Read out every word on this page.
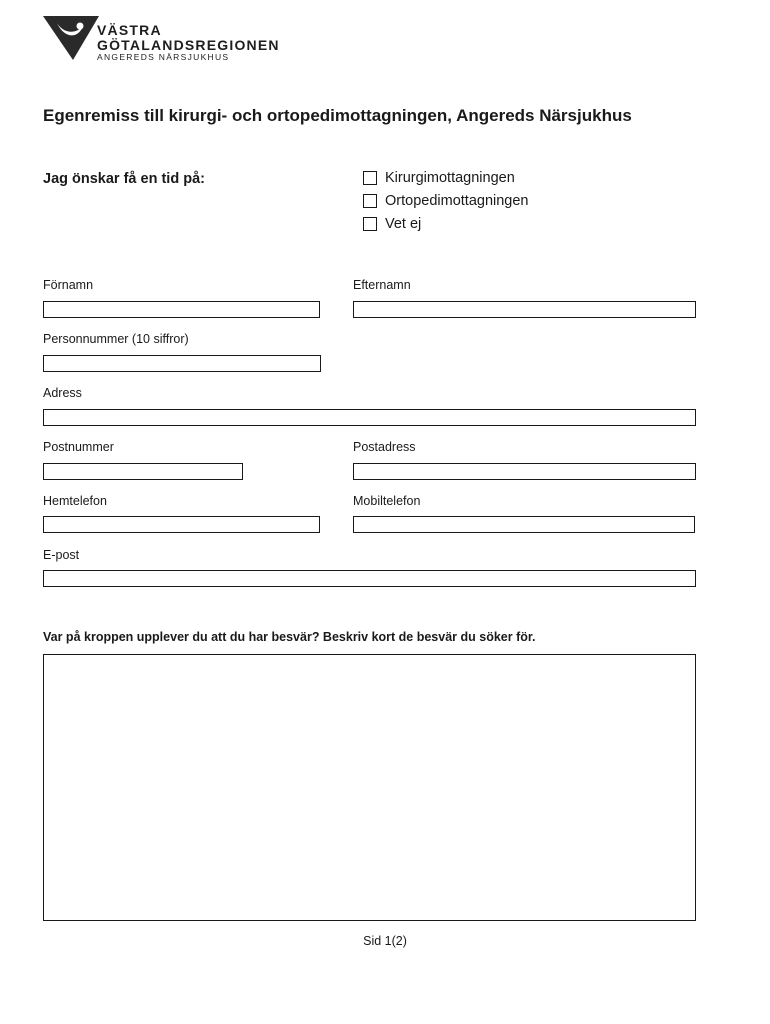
VÄSTRA
GÖTALANDSREGIONEN
ANGEREDS NÄRSJUKHUS
Egenremiss till kirurgi- och ortopedimottagningen, Angereds Närsjukhus
Jag önskar få en tid på:	Kirurgimottagningen
Ortopedimottagningen
Vet ej
Förnamn	Efternamn
Personnummer (10 siffror)
Adress
Postnummer	Postadress
Hemtelefon	Mobiltelefon
E-post
Var på kroppen upplever du att du har besvär? Beskriv kort de besvär du söker för.
Sid 1(2)
